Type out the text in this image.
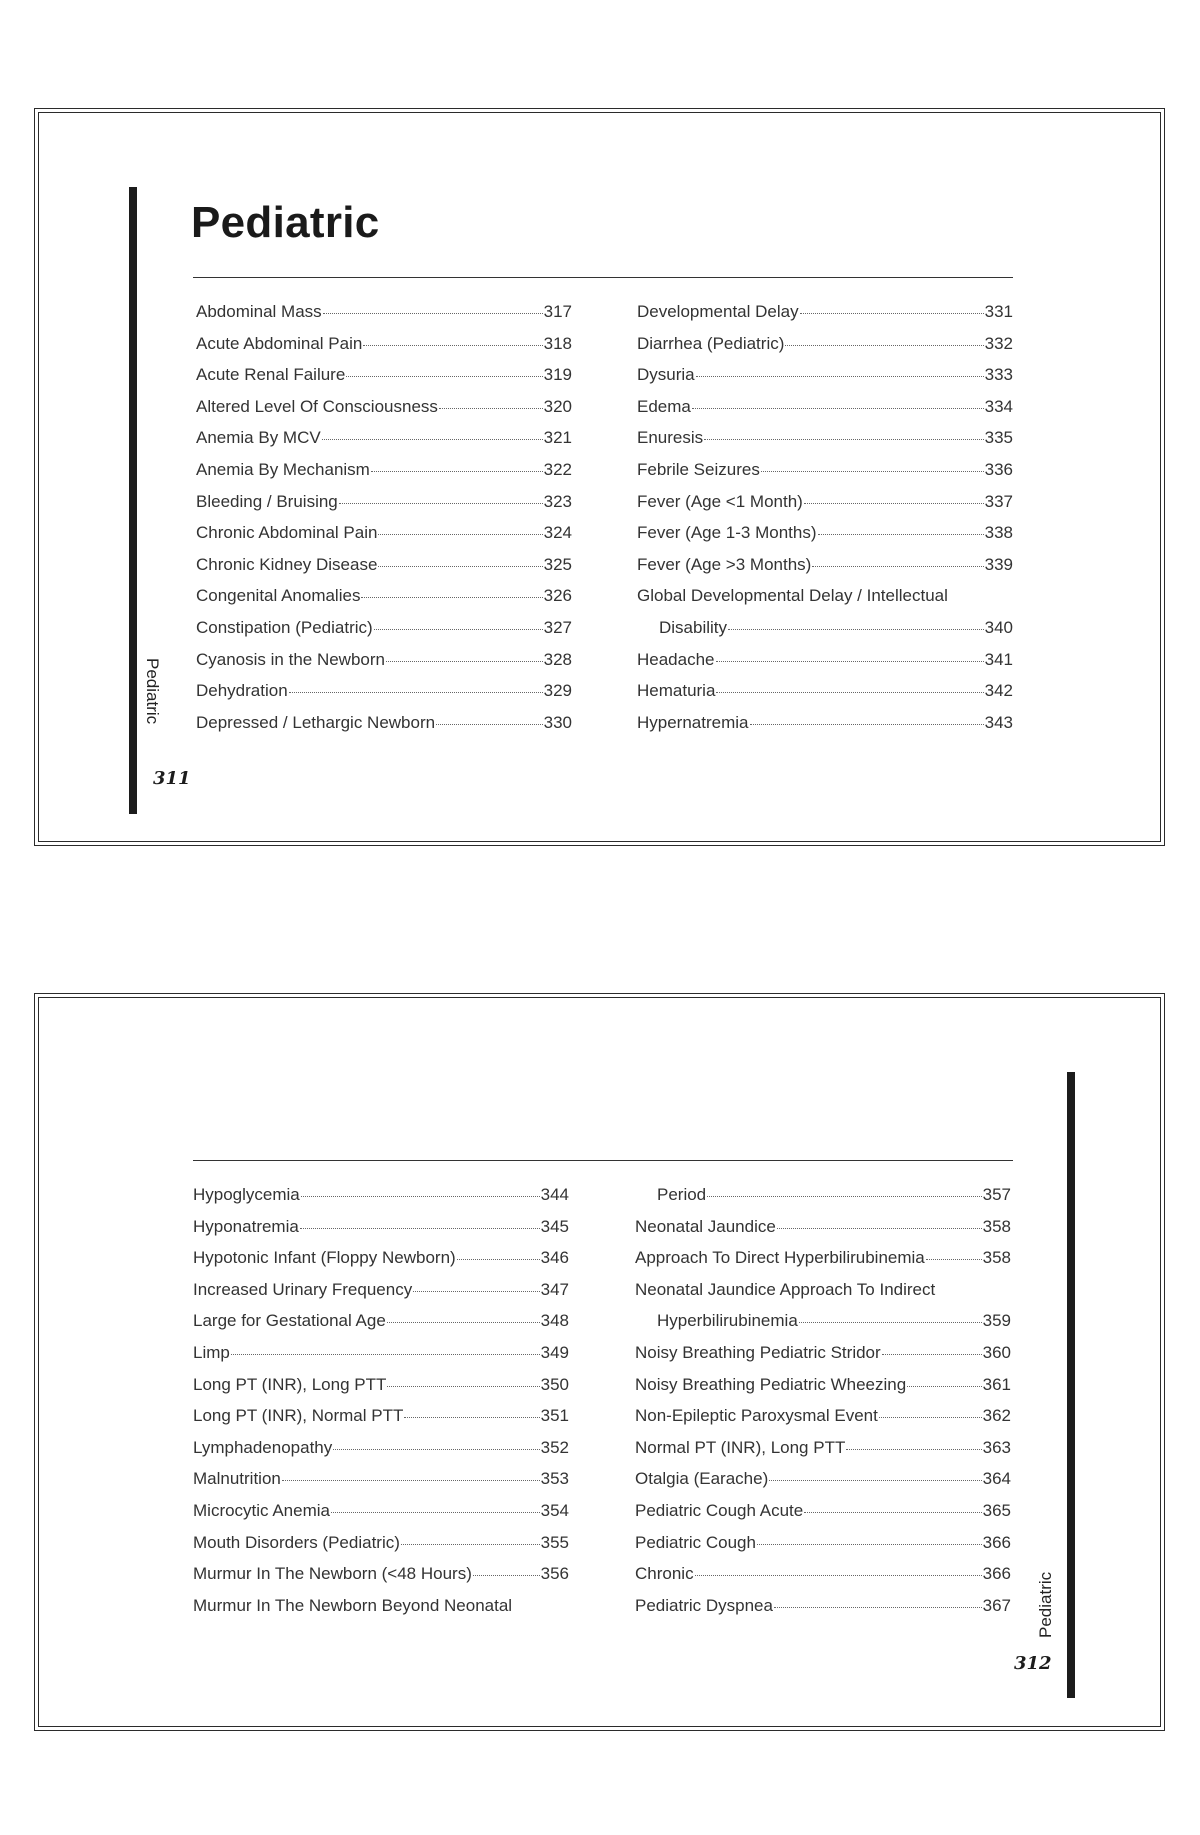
Pediatric
311
Pediatric
Abdominal Mass	317
Acute Abdominal Pain	318
Acute Renal Failure	319
Altered Level Of Consciousness	320
Anemia By MCV	321
Anemia By Mechanism	322
Bleeding / Bruising	323
Chronic Abdominal Pain	324
Chronic Kidney Disease	325
Congenital Anomalies	326
Constipation (Pediatric)	327
Cyanosis in the Newborn	328
Dehydration	329
Depressed / Lethargic Newborn	330
Developmental Delay	331
Diarrhea (Pediatric)	332
Dysuria	333
Edema	334
Enuresis	335
Febrile Seizures	336
Fever (Age <1 Month)	337
Fever (Age 1-3 Months)	338
Fever (Age >3 Months)	339
Global Developmental Delay / Intellectual
Disability	340
Headache	341
Hematuria	342
Hypernatremia	343
Pediatric
312
Hypoglycemia	344
Hyponatremia	345
Hypotonic Infant (Floppy Newborn)	346
Increased Urinary Frequency	347
Large for Gestational Age	348
Limp	349
Long PT (INR), Long PTT	350
Long PT (INR), Normal PTT	351
Lymphadenopathy	352
Malnutrition	353
Microcytic Anemia	354
Mouth Disorders (Pediatric)	355
Murmur In The Newborn (<48 Hours)	356
Murmur In The Newborn Beyond Neonatal
Period	357
Neonatal Jaundice	358
Approach To Direct Hyperbilirubinemia	358
Neonatal Jaundice Approach To Indirect
Hyperbilirubinemia	359
Noisy Breathing Pediatric Stridor	360
Noisy Breathing Pediatric Wheezing	361
Non-Epileptic Paroxysmal Event	362
Normal PT (INR), Long PTT	363
Otalgia (Earache)	364
Pediatric Cough Acute	365
Pediatric Cough	366
Chronic	366
Pediatric Dyspnea	367
